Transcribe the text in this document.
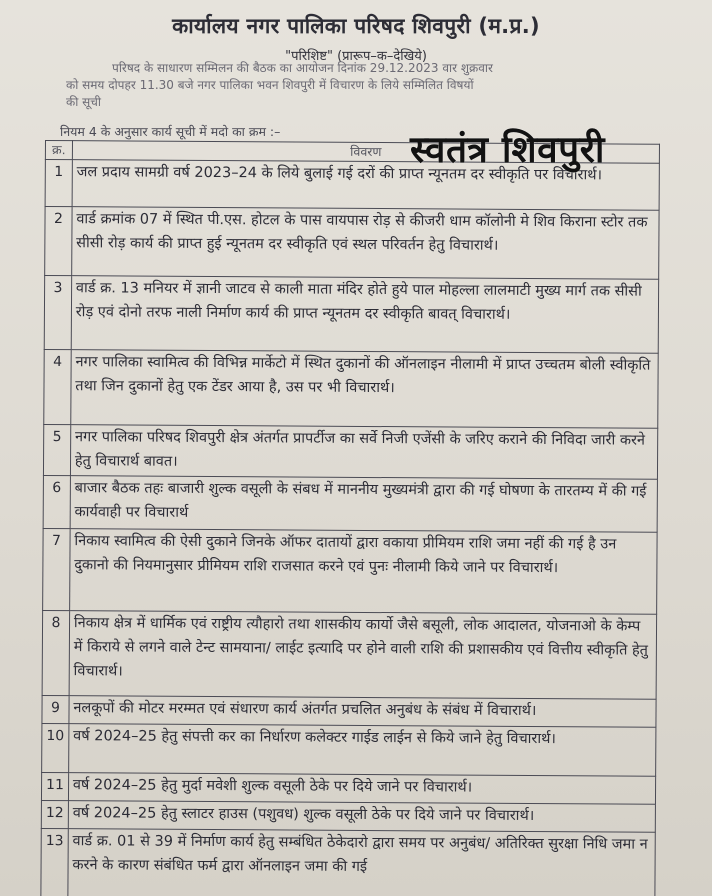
कार्यालय नगर पालिका परिषद शिवपुरी (म.प्र.)
"परिशिष्ट" (प्रारूप–क–देखिये)
परिषद के साधारण सम्मिलन की बैठक का आयोजन दिनांक 29.12.2023 वार शुक्रवार
को समय दोपहर 11.30 बजे नगर पालिका भवन शिवपुरी में विचारण के लिये सम्मिलित विषयों
की सूची
नियम 4 के अनुसार कार्य सूची में मदो का क्रम :–
क्र.	विवरण
1	जल प्रदाय सामग्री वर्ष 2023–24 के लिये बुलाई गई दरों की प्राप्त न्यूनतम दर स्वीकृति पर विचारार्थ।
2	वार्ड क्रमांक 07 में स्थित पी.एस. होटल के पास वायपास रोड़ से कीजरी धाम कॉलोनी मे शिव किराना स्टोर तक सीसी रोड़ कार्य की प्राप्त हुई न्यूनतम दर स्वीकृति एवं स्थल परिवर्तन हेतु विचारार्थ।
3	वार्ड क्र. 13 मनियर में ज्ञानी जाटव से काली माता मंदिर होते हुये पाल मोहल्ला लालमाटी मुख्य मार्ग तक सीसी रोड़ एवं दोनो तरफ नाली निर्माण कार्य की प्राप्त न्यूनतम दर स्वीकृति बावत् विचारार्थ।
4	नगर पालिका स्वामित्व की विभिन्न मार्केटो में स्थित दुकानों की ऑनलाइन नीलामी में प्राप्त उच्चतम बोली स्वीकृति तथा जिन दुकानों हेतु एक टेंडर आया है, उस पर भी विचारार्थ।
5	नगर पालिका परिषद शिवपुरी क्षेत्र अंतर्गत प्रापर्टीज का सर्वे निजी एजेंसी के जरिए कराने की निविदा जारी करने हेतु विचारार्थ बावत।
6	बाजार बैठक तहः बाजारी शुल्क वसूली के संबध में माननीय मुख्यमंत्री द्वारा की गई घोषणा के तारतम्य में की गई कार्यवाही पर विचारार्थ
7	निकाय स्वामित्व की ऐसी दुकाने जिनके ऑफर दातायों द्वारा वकाया प्रीमियम राशि जमा नहीं की गई है उन दुकानो की नियमानुसार प्रीमियम राशि राजसात करने एवं पुनः नीलामी किये जाने पर विचारार्थ।
8	निकाय क्षेत्र में धार्मिक एवं राष्ट्रीय त्यौहारो तथा शासकीय कार्यो जैसे बसूली, लोक आदालत, योजनाओ के केम्प में किराये से लगने वाले टेन्ट सामयाना/ लाईट इत्यादि पर होने वाली राशि की प्रशासकीय एवं वित्तीय स्वीकृति हेतु विचारार्थ।
9	नलकूपों की मोटर मरम्मत एवं संधारण कार्य अंतर्गत प्रचलित अनुबंध के संबंध में विचारार्थ।
10	वर्ष 2024–25 हेतु संपत्ती कर का निर्धारण कलेक्टर गाईड लाईन से किये जाने हेतु विचारार्थ।
11	वर्ष 2024–25 हेतु मुर्दा मवेशी शुल्क वसूली ठेके पर दिये जाने पर विचारार्थ।
12	वर्ष 2024–25 हेतु स्लाटर हाउस (पशुवध) शुल्क वसूली ठेके पर दिये जाने पर विचारार्थ।
13	वार्ड क्र. 01 से 39 में निर्माण कार्य हेतु सम्बंधित ठेकेदारो द्वारा समय पर अनुबंध/ अतिरिक्त सुरक्षा निधि जमा न करने के कारण संबंधित फर्म द्वारा ऑनलाइन जमा की गई
स्वतंत्र शिवपुरी
